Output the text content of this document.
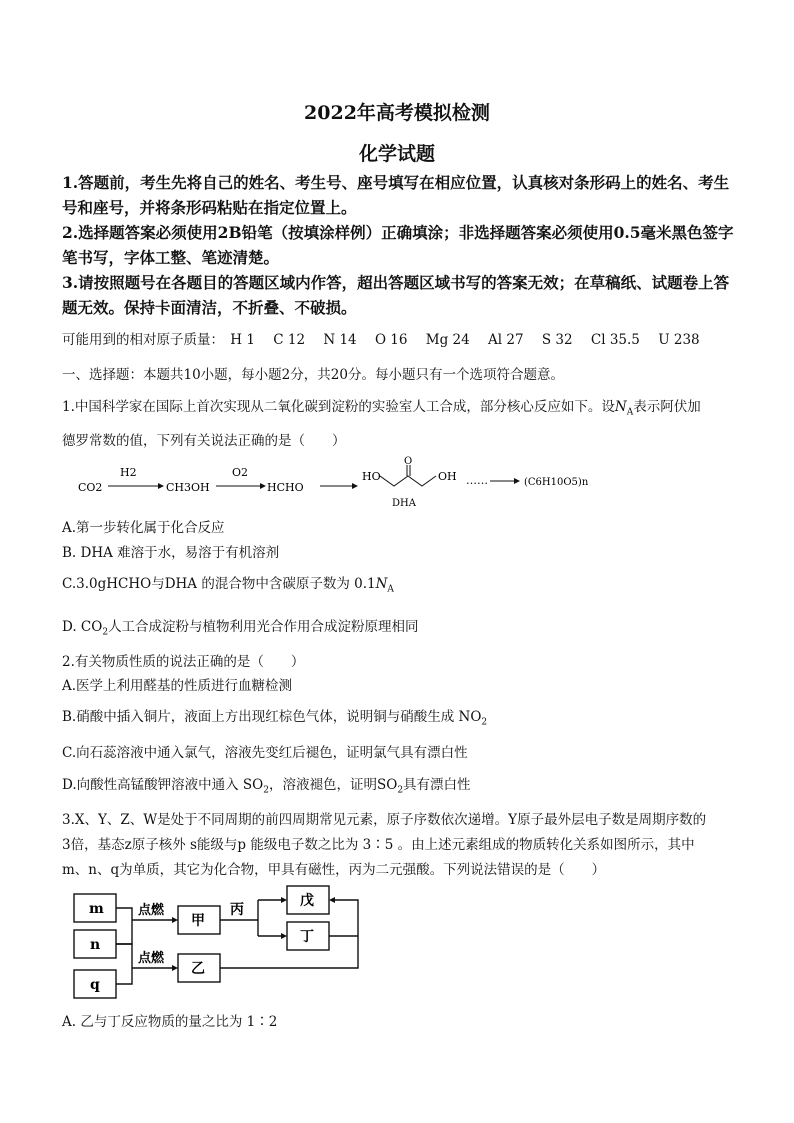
2022年高考模拟检测
化学试题
1.答题前，考生先将自己的姓名、考生号、座号填写在相应位置，认真核对条形码上的姓名、考生号和座号，并将条形码粘贴在指定位置上。
2.选择题答案必须使用2B铅笔（按填涂样例）正确填涂；非选择题答案必须使用0.5毫米黑色签字笔书写，字体工整、笔迹清楚。
3.请按照题号在各题目的答题区域内作答，超出答题区域书写的答案无效；在草稿纸、试题卷上答题无效。保持卡面清洁，不折叠、不破损。
可能用到的相对原子质量： H 1 C 12 N 14 O 16 Mg 24 Al 27 S 32 Cl 35.5 U 238
一、选择题：本题共10小题，每小题2分，共20分。每小题只有一个选项符合题意。
1.中国科学家在国际上首次实现从二氧化碳到淀粉的实验室人工合成，部分核心反应如下。设$N_A$表示阿伏加
德罗常数的值，下列有关说法正确的是（　　）
CO2
H2
CH3OH
O2
HCHO
HO
O
OH
DHA
……	(C6H10O5)n
A.第一步转化属于化合反应
B. DHA 难溶于水，易溶于有机溶剂
C.3.0gHCHO与DHA 的混合物中含碳原子数为 $0.1N_A$
D. $CO_2$人工合成淀粉与植物利用光合作用合成淀粉原理相同
2.有关物质性质的说法正确的是（　　）
A.医学上利用醛基的性质进行血糖检测
B.硝酸中插入铜片，液面上方出现红棕色气体，说明铜与硝酸生成 $NO_2$
C.向石蕊溶液中通入氯气，溶液先变红后褪色，证明氯气具有漂白性
D.向酸性高锰酸钾溶液中通入 $SO_2$，溶液褪色，证明$SO_2$具有漂白性
3.X、Y、Z、W是处于不同周期的前四周期常见元素，原子序数依次递增。Y原子最外层电子数是周期序数的
3倍，基态z原子核外 s能级与p 能级电子数之比为 3∶5 。由上述元素组成的物质转化关系如图所示，其中
m、n、q为单质，其它为化合物，甲具有磁性，丙为二元强酸。下列说法错误的是（　　）
m
n
q
甲
乙
戊
丁
丙
点燃
点燃
A. 乙与丁反应物质的量之比为 1∶2
